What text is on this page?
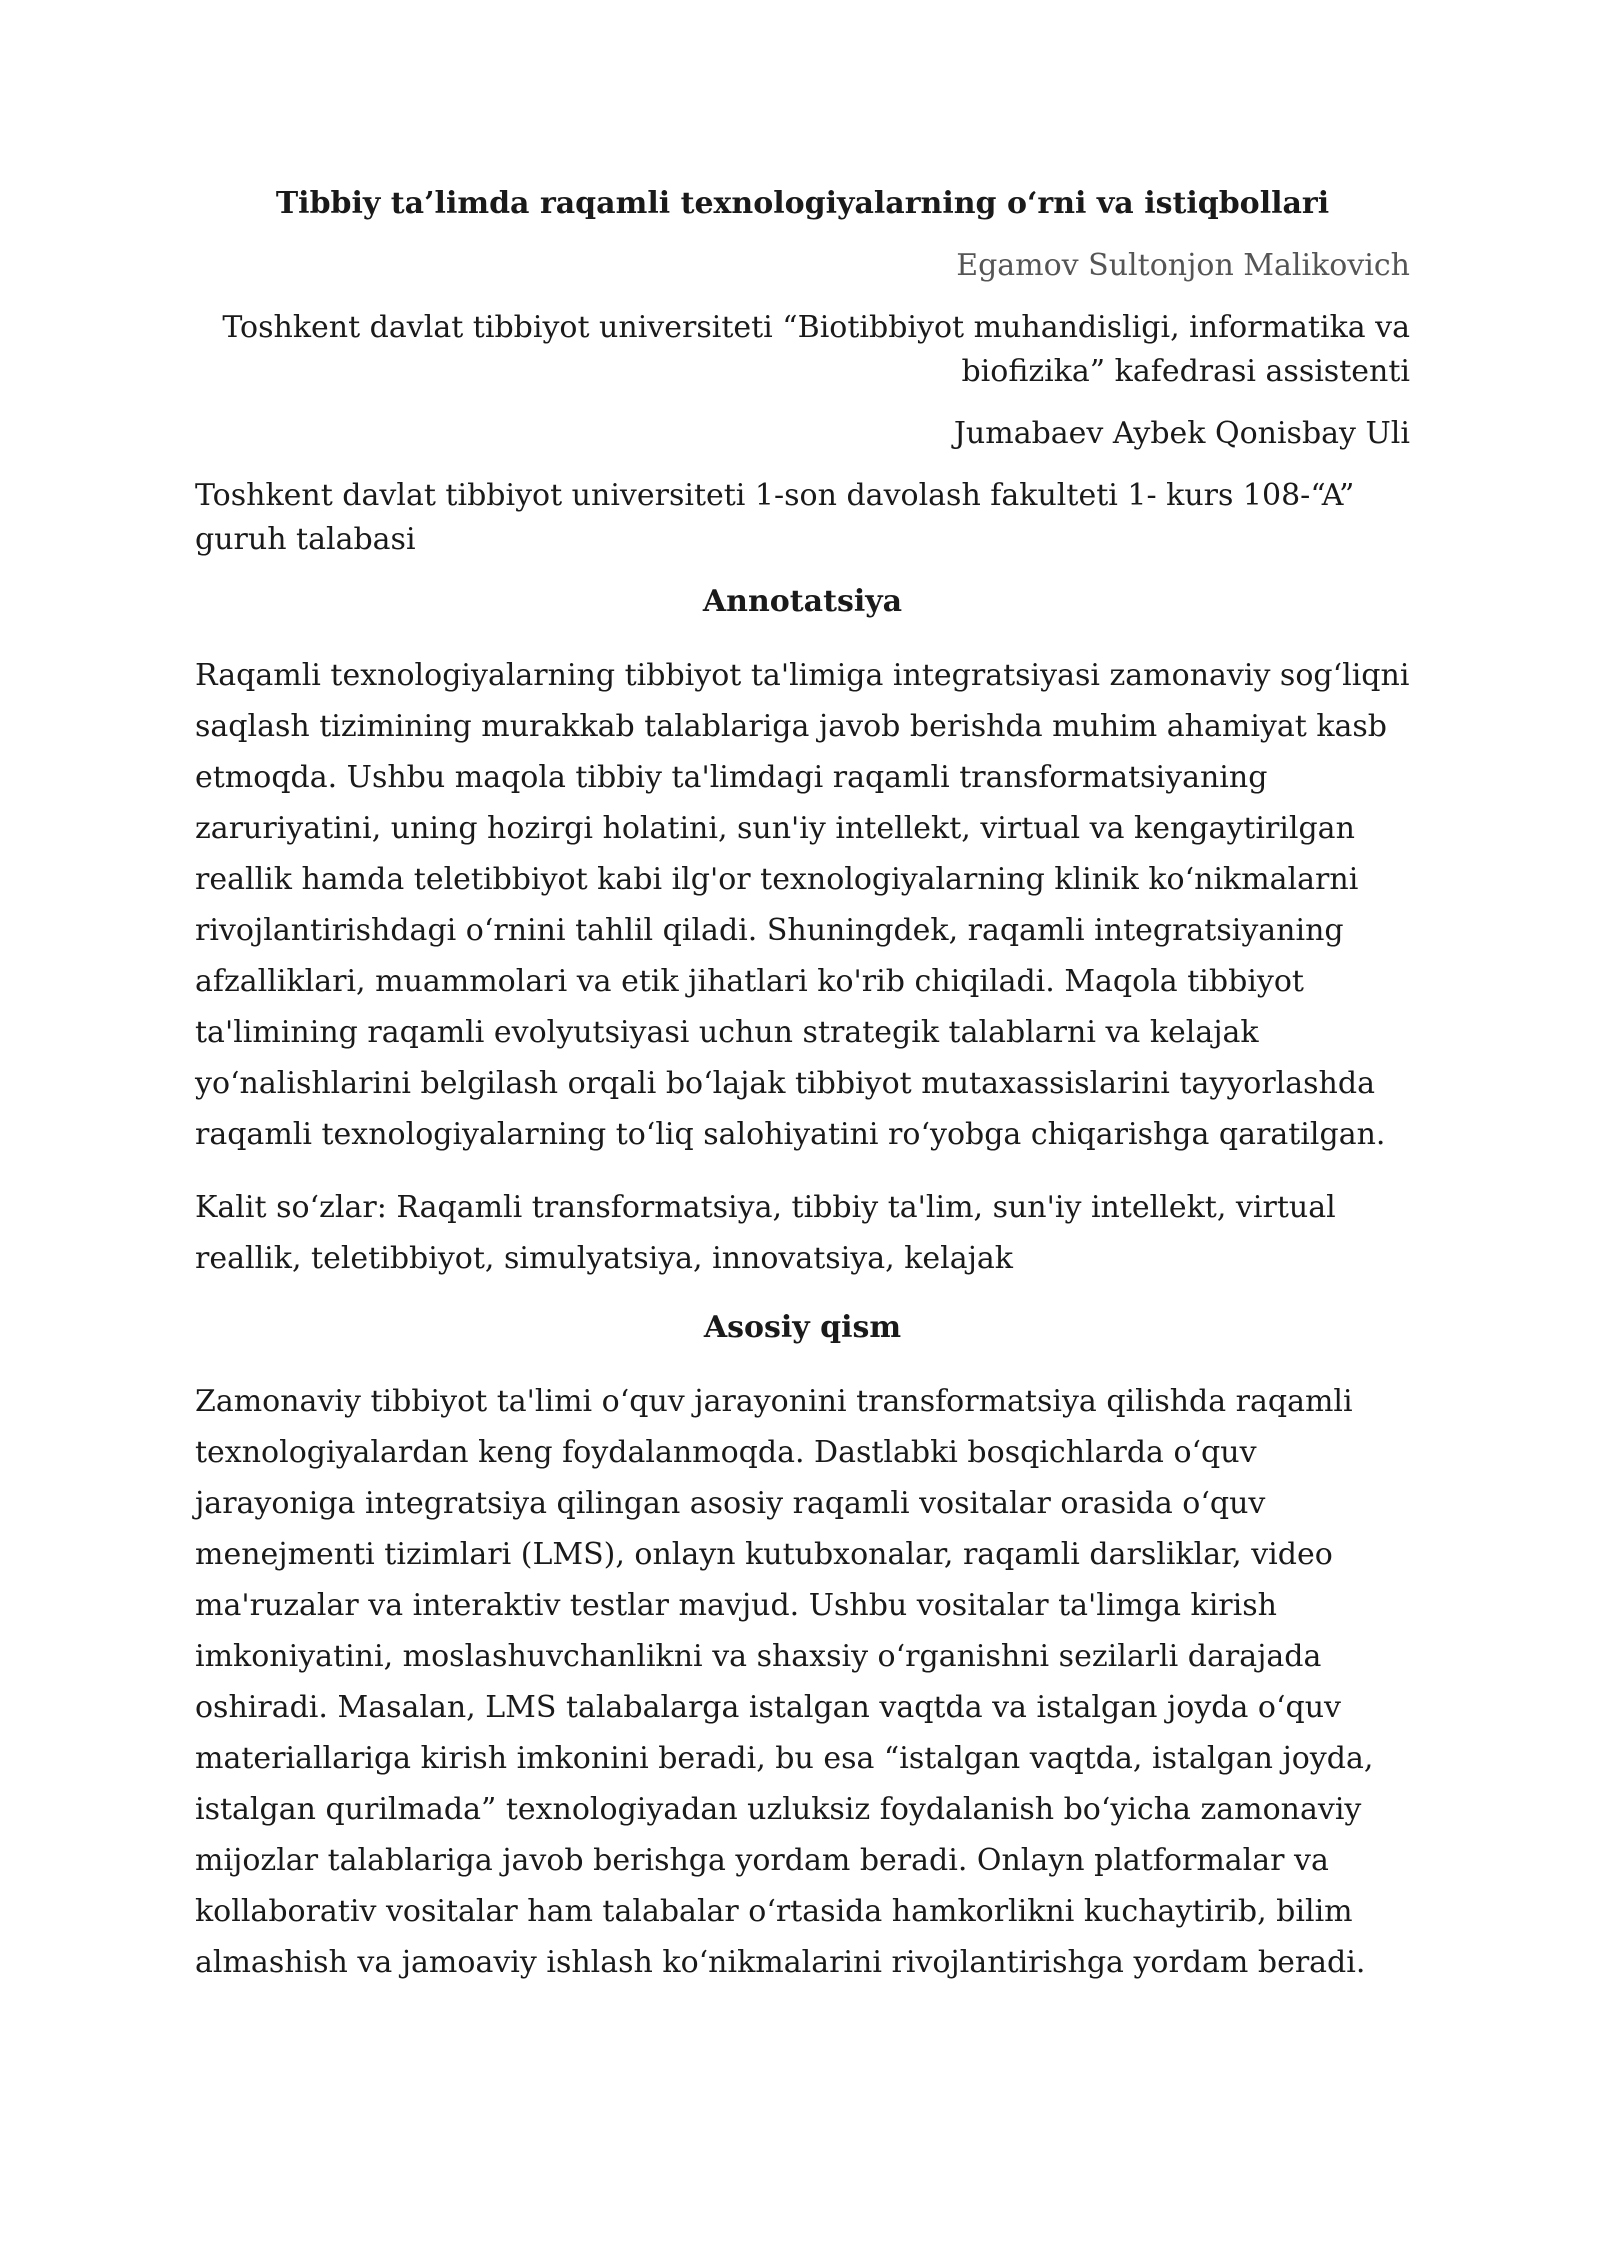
Tibbiy ta’limda raqamli texnologiyalarning o‘rni va istiqbollari
Egamov Sultonjon Malikovich
Toshkent davlat tibbiyot universiteti “Biotibbiyot muhandisligi, informatika va biofizika” kafedrasi assistenti
Jumabaev Aybek Qonisbay Uli
Toshkent davlat tibbiyot universiteti 1-son davolash fakulteti 1- kurs 108-“A” guruh talabasi
Annotatsiya
Raqamli texnologiyalarning tibbiyot ta'limiga integratsiyasi zamonaviy sog‘liqni saqlash tizimining murakkab talablariga javob berishda muhim ahamiyat kasb etmoqda. Ushbu maqola tibbiy ta'limdagi raqamli transformatsiyaning zaruriyatini, uning hozirgi holatini, sun'iy intellekt, virtual va kengaytirilgan reallik hamda teletibbiyot kabi ilg'or texnologiyalarning klinik ko‘nikmalarni rivojlantirishdagi o‘rnini tahlil qiladi. Shuningdek, raqamli integratsiyaning afzalliklari, muammolari va etik jihatlari ko'rib chiqiladi. Maqola tibbiyot ta'limining raqamli evolyutsiyasi uchun strategik talablarni va kelajak yo‘nalishlarini belgilash orqali bo‘lajak tibbiyot mutaxassislarini tayyorlashda raqamli texnologiyalarning to‘liq salohiyatini ro‘yobga chiqarishga qaratilgan.
Kalit so‘zlar: Raqamli transformatsiya, tibbiy ta'lim, sun'iy intellekt, virtual reallik, teletibbiyot, simulyatsiya, innovatsiya, kelajak
Asosiy qism
Zamonaviy tibbiyot ta'limi o‘quv jarayonini transformatsiya qilishda raqamli texnologiyalardan keng foydalanmoqda. Dastlabki bosqichlarda o‘quv jarayoniga integratsiya qilingan asosiy raqamli vositalar orasida o‘quv menejmenti tizimlari (LMS), onlayn kutubxonalar, raqamli darsliklar, video ma'ruzalar va interaktiv testlar mavjud. Ushbu vositalar ta'limga kirish imkoniyatini, moslashuvchanlikni va shaxsiy o‘rganishni sezilarli darajada oshiradi. Masalan, LMS talabalarga istalgan vaqtda va istalgan joyda o‘quv materiallariga kirish imkonini beradi, bu esa “istalgan vaqtda, istalgan joyda, istalgan qurilmada” texnologiyadan uzluksiz foydalanish bo‘yicha zamonaviy mijozlar talablariga javob berishga yordam beradi. Onlayn platformalar va kollaborativ vositalar ham talabalar o‘rtasida hamkorlikni kuchaytirib, bilim almashish va jamoaviy ishlash ko‘nikmalarini rivojlantirishga yordam beradi.
